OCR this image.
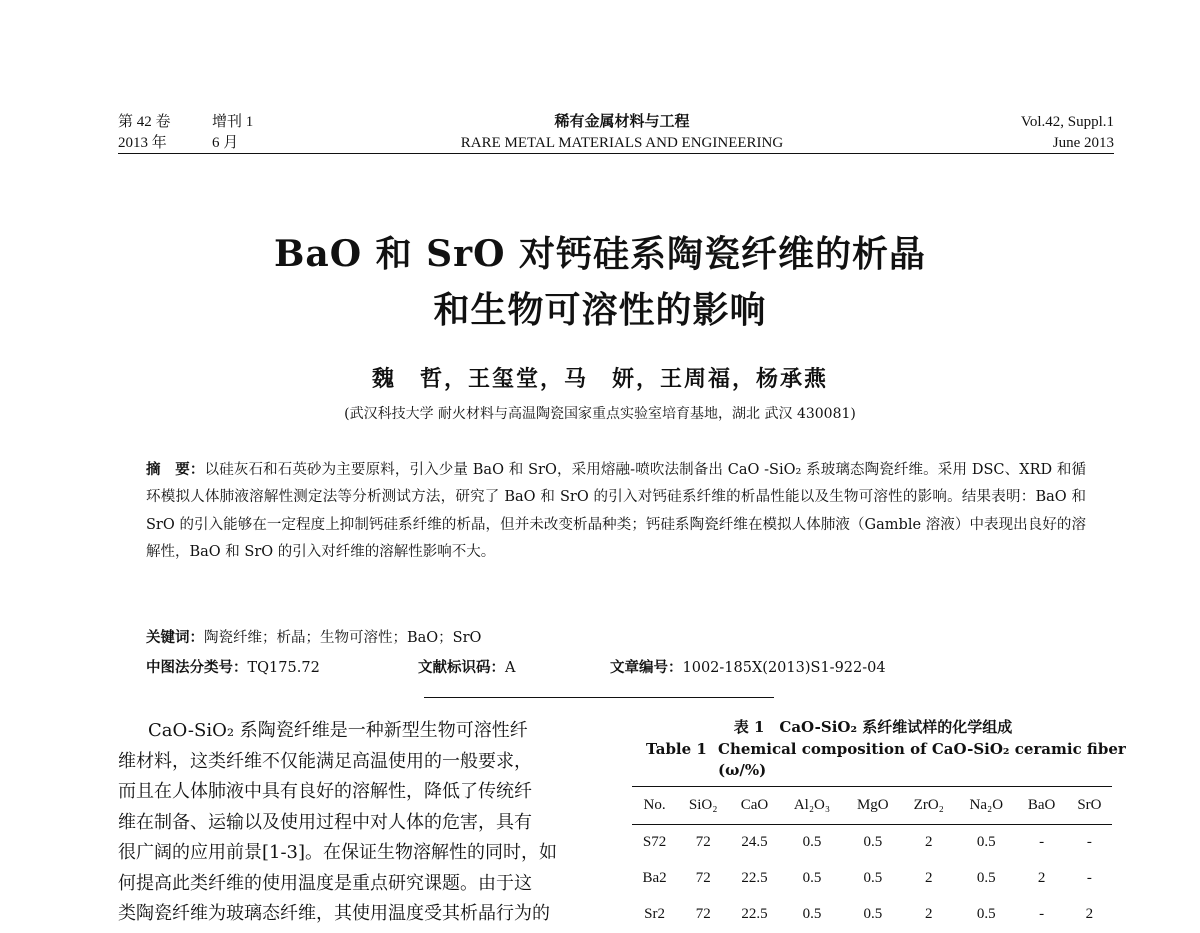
第 42 卷	增刊 1
2013 年	6 月
稀有金属材料与工程
RARE METAL MATERIALS AND ENGINEERING
Vol.42, Suppl.1
June 2013
BaO 和 SrO 对钙硅系陶瓷纤维的析晶
和生物可溶性的影响
魏　哲，王玺堂，马　妍，王周福，杨承燕
(武汉科技大学 耐火材料与高温陶瓷国家重点实验室培育基地，湖北 武汉 430081)
摘　要：以硅灰石和石英砂为主要原料，引入少量 BaO 和 SrO，采用熔融-喷吹法制备出 CaO -SiO₂ 系玻璃态陶瓷纤维。采用 DSC、XRD 和循环模拟人体肺液溶解性测定法等分析测试方法，研究了 BaO 和 SrO 的引入对钙硅系纤维的析晶性能以及生物可溶性的影响。结果表明：BaO 和 SrO 的引入能够在一定程度上抑制钙硅系纤维的析晶，但并未改变析晶种类；钙硅系陶瓷纤维在模拟人体肺液（Gamble 溶液）中表现出良好的溶解性，BaO 和 SrO 的引入对纤维的溶解性影响不大。
关键词：陶瓷纤维；析晶；生物可溶性；BaO；SrO
中图法分类号：TQ175.72	文献标识码：A	文章编号：1002-185X(2013)S1-922-04
CaO-SiO₂ 系陶瓷纤维是一种新型生物可溶性纤
维材料，这类纤维不仅能满足高温使用的一般要求，
而且在人体肺液中具有良好的溶解性，降低了传统纤
维在制备、运输以及使用过程中对人体的危害，具有
很广阔的应用前景[1-3]。在保证生物溶解性的同时，如
何提高此类纤维的使用温度是重点研究课题。由于这
类陶瓷纤维为玻璃态纤维，其使用温度受其析晶行为的
表 1　CaO-SiO₂ 系纤维试样的化学组成
Table 1 Chemical composition of CaO-SiO₂ ceramic fiber
(ω/%)
No.	SiO₂	CaO	Al₂O₃	MgO	ZrO₂	Na₂O	BaO	SrO
S72	72	24.5	0.5	0.5	2	0.5	-	-
Ba2	72	22.5	0.5	0.5	2	0.5	2	-
Sr2	72	22.5	0.5	0.5	2	0.5	-	2
